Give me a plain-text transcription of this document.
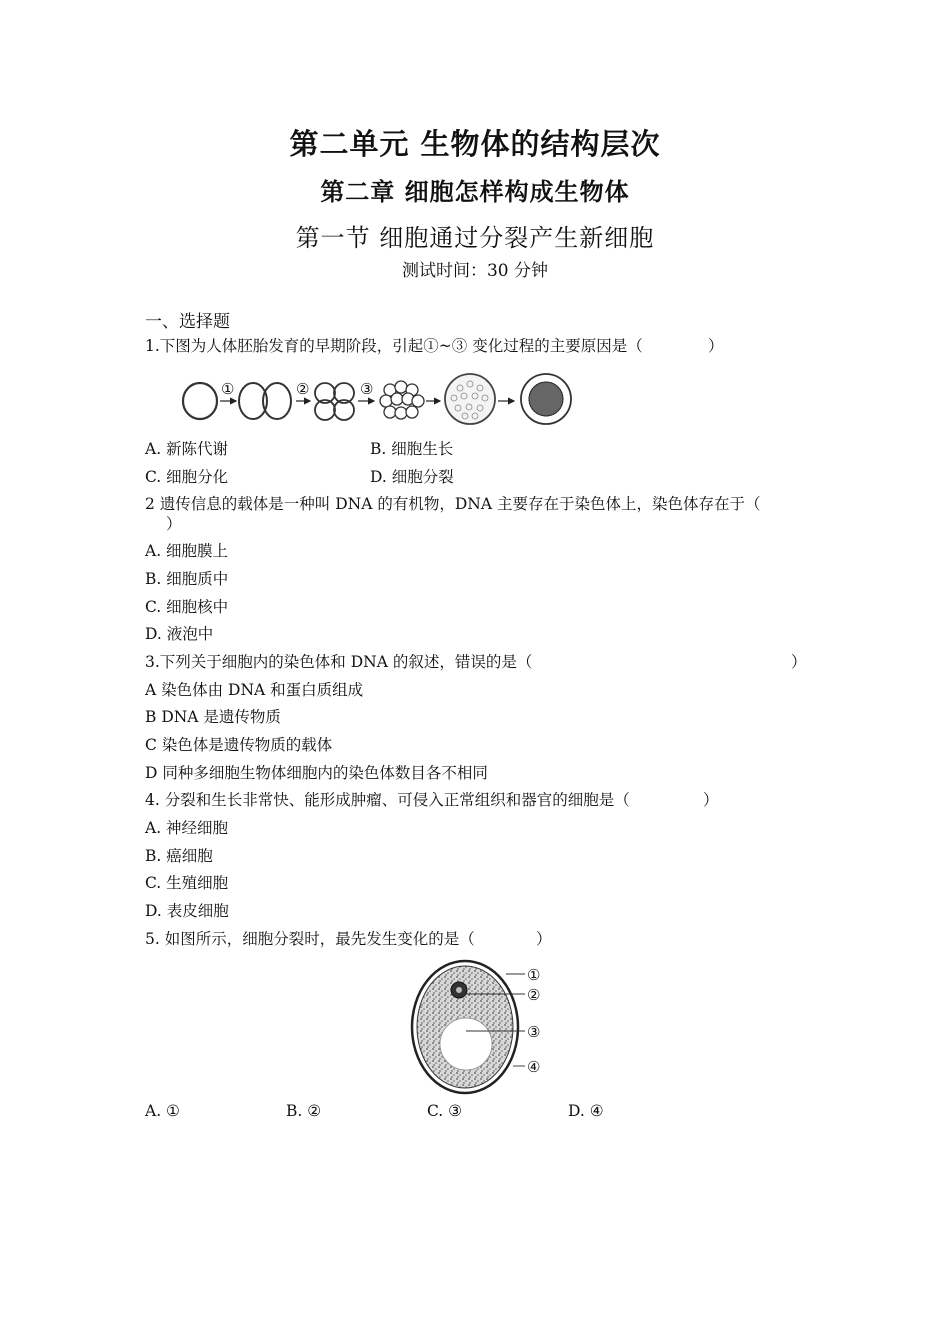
第二单元 生物体的结构层次
第二章 细胞怎样构成生物体
第一节 细胞通过分裂产生新细胞
测试时间：30 分钟
一、选择题
1.下图为人体胚胎发育的早期阶段，引起①~③ 变化过程的主要原因是（	）
①	②	③
A. 新陈代谢	B. 细胞生长
C. 细胞分化	D. 细胞分裂
2 遗传信息的载体是一种叫 DNA 的有机物，DNA 主要存在于染色体上，染色体存在于（
）
A. 细胞膜上
B. 细胞质中
C. 细胞核中
D. 液泡中
3.下列关于细胞内的染色体和 DNA 的叙述，错误的是（	）
A 染色体由 DNA 和蛋白质组成
B DNA 是遗传物质
C 染色体是遗传物质的载体
D 同种多细胞生物体细胞内的染色体数目各不相同
4. 分裂和生长非常快、能形成肿瘤、可侵入正常组织和器官的细胞是（	）
A. 神经细胞
B. 癌细胞
C. 生殖细胞
D. 表皮细胞
5. 如图所示，细胞分裂时，最先发生变化的是（	）
①
②
③
④
A. ①	B. ②	C. ③	D. ④
